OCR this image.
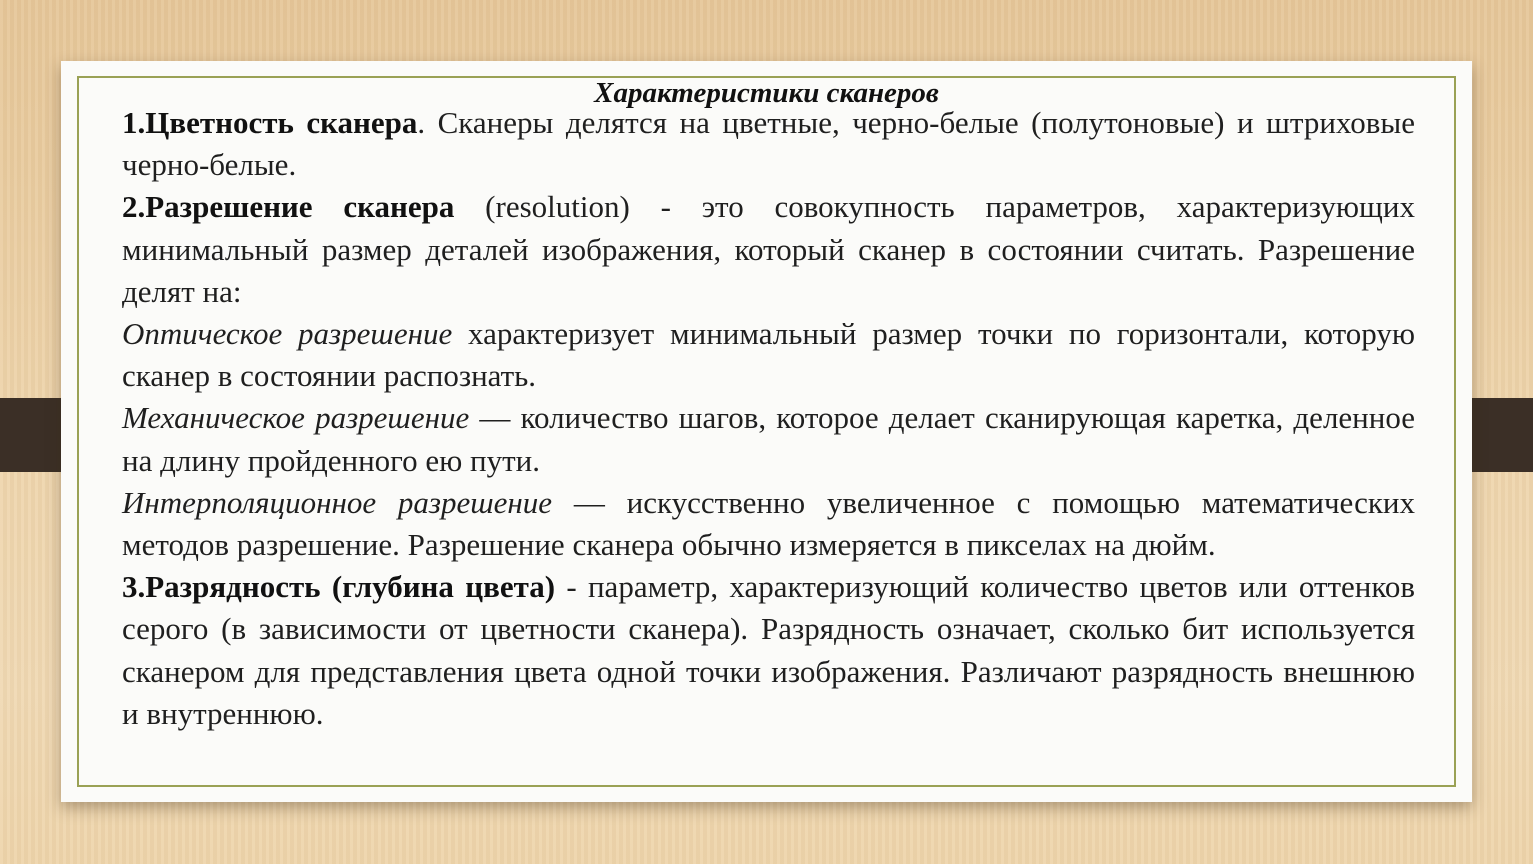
Характеристики сканеров

1.Цветность сканера. Сканеры делятся на цветные, черно-белые (полутоновые) и штриховые черно-белые.

2.Разрешение сканера (resolution) - это совокупность параметров, характеризующих минимальный размер деталей изображения, который сканер в состоянии считать. Разрешение делят на:

Оптическое разрешение характеризует минимальный размер точки по горизонтали, которую сканер в состоянии распознать.

Механическое разрешение — количество шагов, которое делает сканирующая каретка, деленное на длину пройденного ею пути.

Интерполяционное разрешение — искусственно увеличенное с помощью математических методов разрешение. Разрешение сканера обычно измеряется в пикселах на дюйм.

3.Разрядность (глубина цвета) - параметр, характеризующий количество цветов или оттенков серого (в зависимости от цветности сканера). Разрядность означает, сколько бит используется сканером для представления цвета одной точки изображения. Различают разрядность внешнюю и внутреннюю.
